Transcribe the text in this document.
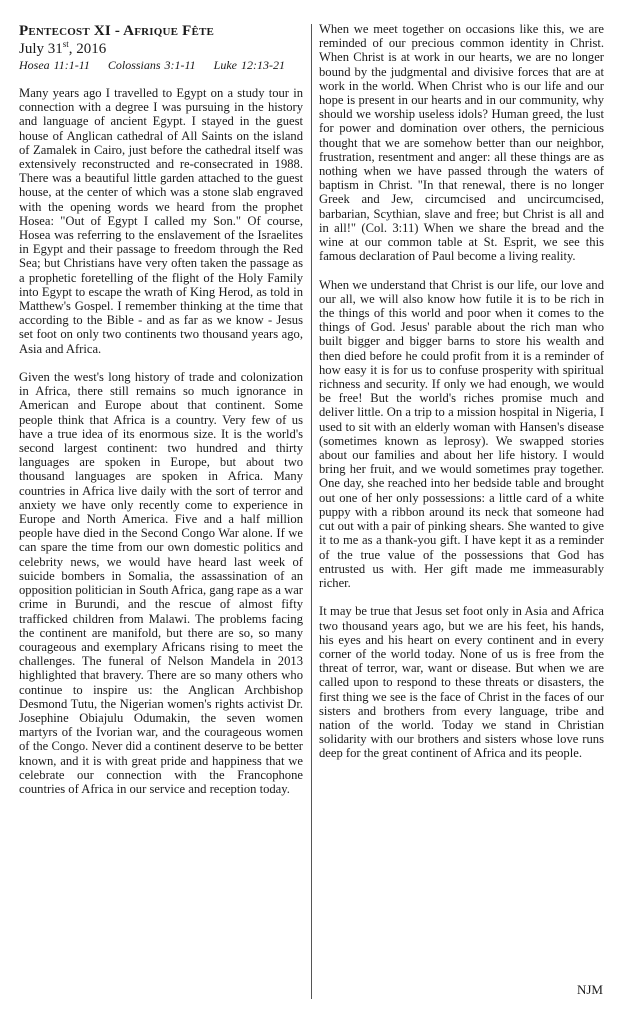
Pentecost XI - Afrique Fête
July 31st, 2016
Hosea 11:1-11 Colossians 3:1-11 Luke 12:13-21

Many years ago I travelled to Egypt on a study tour in connection with a degree I was pursuing in the history and language of ancient Egypt. I stayed in the guest house of Anglican cathedral of All Saints on the island of Zamalek in Cairo, just before the cathedral itself was extensively reconstructed and re-consecrated in 1988. There was a beautiful little garden attached to the guest house, at the center of which was a stone slab engraved with the opening words we heard from the prophet Hosea: "Out of Egypt I called my Son." Of course, Hosea was referring to the enslavement of the Israelites in Egypt and their passage to freedom through the Red Sea; but Christians have very often taken the passage as a prophetic foretelling of the flight of the Holy Family into Egypt to escape the wrath of King Herod, as told in Matthew's Gospel. I remember thinking at the time that according to the Bible - and as far as we know - Jesus set foot on only two continents two thousand years ago, Asia and Africa.

Given the west's long history of trade and colonization in Africa, there still remains so much ignorance in American and Europe about that continent. Some people think that Africa is a country. Very few of us have a true idea of its enormous size. It is the world's second largest continent: two hundred and thirty languages are spoken in Europe, but about two thousand languages are spoken in Africa. Many countries in Africa live daily with the sort of terror and anxiety we have only recently come to experience in Europe and North America. Five and a half million people have died in the Second Congo War alone. If we can spare the time from our own domestic politics and celebrity news, we would have heard last week of suicide bombers in Somalia, the assassination of an opposition politician in South Africa, gang rape as a war crime in Burundi, and the rescue of almost fifty trafficked children from Malawi. The problems facing the continent are manifold, but there are so, so many courageous and exemplary Africans rising to meet the challenges. The funeral of Nelson Mandela in 2013 highlighted that bravery. There are so many others who continue to inspire us: the Anglican Archbishop Desmond Tutu, the Nigerian women's rights activist Dr. Josephine Obiajulu Odumakin, the seven women martyrs of the Ivorian war, and the courageous women of the Congo. Never did a continent deserve to be better known, and it is with great pride and happiness that we celebrate our connection with the Francophone countries of Africa in our service and reception today.

When we meet together on occasions like this, we are reminded of our precious common identity in Christ. When Christ is at work in our hearts, we are no longer bound by the judgmental and divisive forces that are at work in the world. When Christ who is our life and our hope is present in our hearts and in our community, why should we worship useless idols? Human greed, the lust for power and domination over others, the pernicious thought that we are somehow better than our neighbor, frustration, resentment and anger: all these things are as nothing when we have passed through the waters of baptism in Christ. "In that renewal, there is no longer Greek and Jew, circumcised and uncircumcised, barbarian, Scythian, slave and free; but Christ is all and in all!" (Col. 3:11) When we share the bread and the wine at our common table at St. Esprit, we see this famous declaration of Paul become a living reality.

When we understand that Christ is our life, our love and our all, we will also know how futile it is to be rich in the things of this world and poor when it comes to the things of God. Jesus' parable about the rich man who built bigger and bigger barns to store his wealth and then died before he could profit from it is a reminder of how easy it is for us to confuse prosperity with spiritual richness and security. If only we had enough, we would be free! But the world's riches promise much and deliver little. On a trip to a mission hospital in Nigeria, I used to sit with an elderly woman with Hansen's disease (sometimes known as leprosy). We swapped stories about our families and about her life history. I would bring her fruit, and we would sometimes pray together. One day, she reached into her bedside table and brought out one of her only possessions: a little card of a white puppy with a ribbon around its neck that someone had cut out with a pair of pinking shears. She wanted to give it to me as a thank-you gift. I have kept it as a reminder of the true value of the possessions that God has entrusted us with. Her gift made me immeasurably richer.

It may be true that Jesus set foot only in Asia and Africa two thousand years ago, but we are his feet, his hands, his eyes and his heart on every continent and in every corner of the world today. None of us is free from the threat of terror, war, want or disease. But when we are called upon to respond to these threats or disasters, the first thing we see is the face of Christ in the faces of our sisters and brothers from every language, tribe and nation of the world. Today we stand in Christian solidarity with our brothers and sisters whose love runs deep for the great continent of Africa and its people.

NJM
